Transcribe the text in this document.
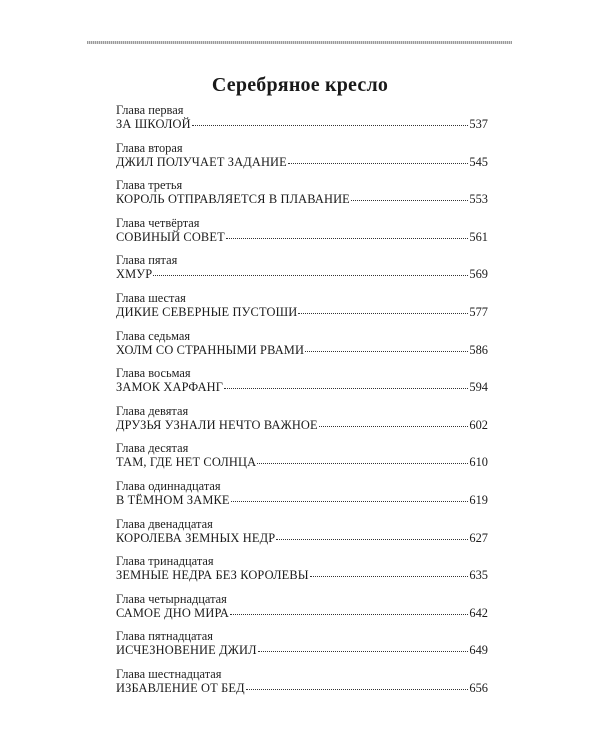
Серебряное кресло
Глава первая
ЗА ШКОЛОЙ	537
Глава вторая
ДЖИЛ ПОЛУЧАЕТ ЗАДАНИЕ	545
Глава третья
КОРОЛЬ ОТПРАВЛЯЕТСЯ В ПЛАВАНИЕ	553
Глава четвёртая
СОВИНЫЙ СОВЕТ	561
Глава пятая
ХМУР	569
Глава шестая
ДИКИЕ СЕВЕРНЫЕ ПУСТОШИ	577
Глава седьмая
ХОЛМ СО СТРАННЫМИ РВАМИ	586
Глава восьмая
ЗАМОК ХАРФАНГ	594
Глава девятая
ДРУЗЬЯ УЗНАЛИ НЕЧТО ВАЖНОЕ	602
Глава десятая
ТАМ, ГДЕ НЕТ СОЛНЦА	610
Глава одиннадцатая
В ТЁМНОМ ЗАМКЕ	619
Глава двенадцатая
КОРОЛЕВА ЗЕМНЫХ НЕДР	627
Глава тринадцатая
ЗЕМНЫЕ НЕДРА БЕЗ КОРОЛЕВЫ	635
Глава четырнадцатая
САМОЕ ДНО МИРА	642
Глава пятнадцатая
ИСЧЕЗНОВЕНИЕ ДЖИЛ	649
Глава шестнадцатая
ИЗБАВЛЕНИЕ ОТ БЕД	656
